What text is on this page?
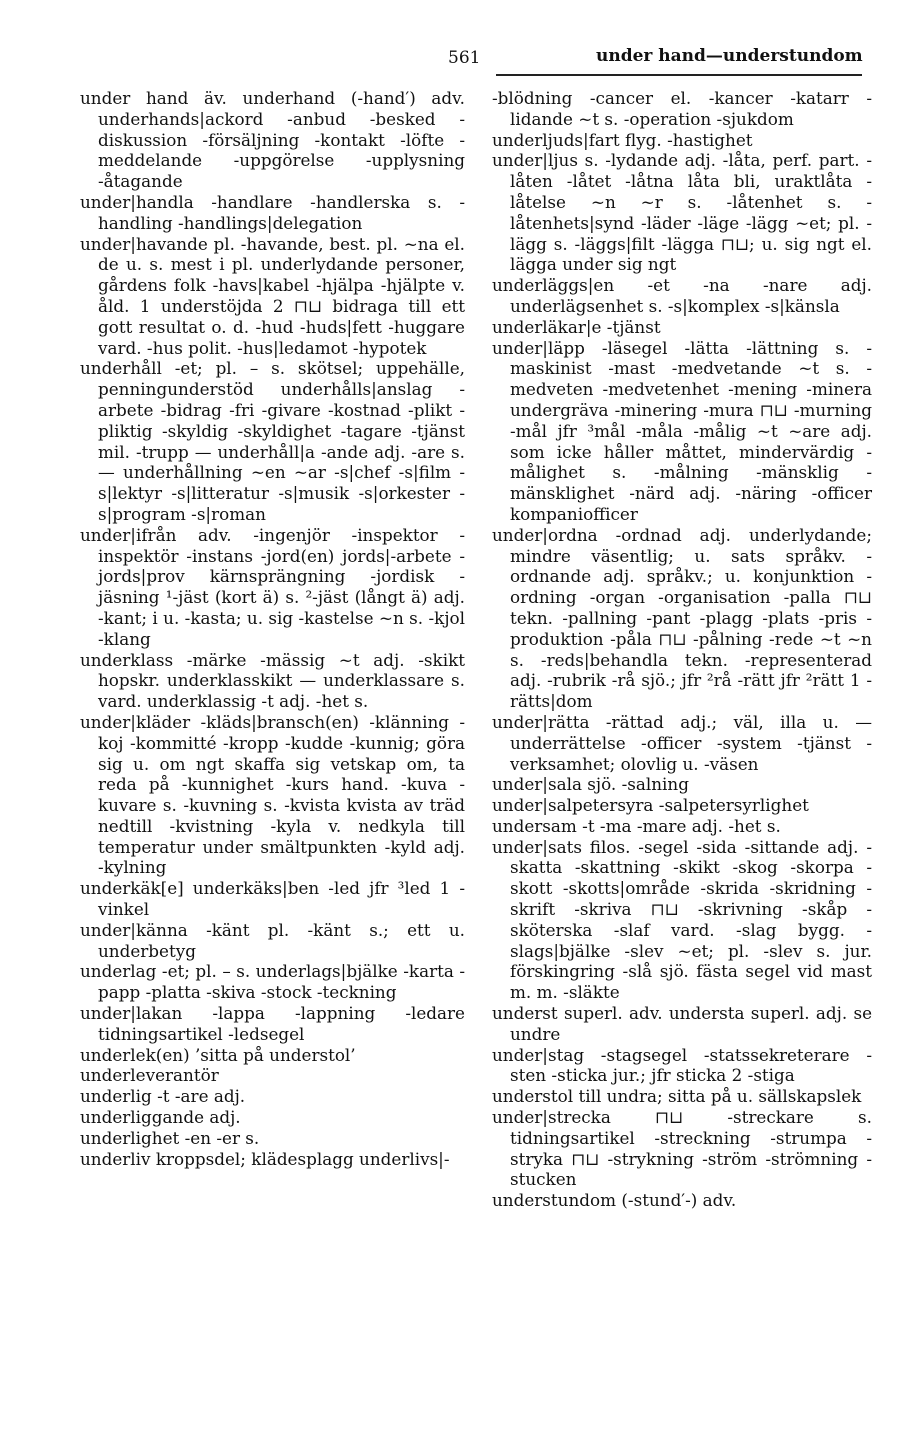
561	under hand—understundom

under hand äv. underhand (-hand′) adv. underhands|ackord -anbud -besked -diskussion -försäljning -kontakt -löfte -meddelande -uppgörelse -upplysning -åtagande

under|handla -handlare -handlerska s. -handling -handlings|delegation

under|havande pl. -havande, best. pl. ~na el. de u. s. mest i pl. underlydande personer, gårdens folk -havs|kabel -hjälpa -hjälpte v. åld. 1 understöjda 2 ⊓⊔ bidraga till ett gott resultat o. d. -hud -huds|fett -huggare vard. -hus polit. -hus|ledamot -hypotek

underhåll -et; pl. – s. skötsel; uppehälle, penningunderstöd underhålls|anslag -arbete -bidrag -fri -givare -kostnad -plikt -pliktig -skyldig -skyldighet -tagare -tjänst mil. -trupp — underhåll|a -ande adj. -are s. — underhållning ~en ~ar -s|chef -s|film -s|lektyr -s|litteratur -s|musik -s|orkester -s|program -s|roman

under|ifrån adv. -ingenjör -inspektor -inspektör -instans -jord(en) jords|-arbete -jords|prov kärnsprängning -jordisk -jäsning ¹-jäst (kort ä) s. ²-jäst (långt ä) adj. -kant; i u. -kasta; u. sig -kastelse ~n s. -kjol -klang

underklass -märke -mässig ~t adj. -skikt hopskr. underklasskikt — underklassare s. vard. underklassig -t adj. -het s.

under|kläder -kläds|bransch(en) -klänning -koj -kommitté -kropp -kudde -kunnig; göra sig u. om ngt skaffa sig vetskap om, ta reda på -kunnighet -kurs hand. -kuva -kuvare s. -kuvning s. -kvista kvista av träd nedtill -kvistning -kyla v. nedkyla till temperatur under smältpunkten -kyld adj. -kylning

underkäk[e] underkäks|ben -led jfr ³led 1 -vinkel

under|känna -känt pl. -känt s.; ett u. underbetyg

underlag -et; pl. – s. underlags|bjälke -karta -papp -platta -skiva -stock -teckning

under|lakan -lappa -lappning -ledare tidningsartikel -ledsegel

underlek(en) ’sitta på understol’

underleverantör

underlig -t -are adj.

underliggande adj.

underlighet -en -er s.

underliv kroppsdel; klädesplagg underlivs|-

-blödning -cancer el. -kancer -katarr -lidande ~t s. -operation -sjukdom

underljuds|fart flyg. -hastighet

under|ljus s. -lydande adj. -låta, perf. part. -låten -låtet -låtna låta bli, uraktlåta -låtelse ~n ~r s. -låtenhet s. -låtenhets|synd -läder -läge -lägg ~et; pl. -lägg s. -läggs|filt -lägga ⊓⊔; u. sig ngt el. lägga under sig ngt

underläggs|en -et -na -nare adj. underlägsenhet s. -s|komplex -s|känsla

underläkar|e -tjänst

under|läpp -läsegel -lätta -lättning s. -maskinist -mast -medvetande ~t s. -medveten -medvetenhet -mening -minera undergräva -minering -mura ⊓⊔ -murning -mål jfr ³mål -måla -målig ~t ~are adj. som icke håller måttet, mindervärdig -målighet s. -målning -mänsklig -mänsklighet -närd adj. -näring -officer kompaniofficer

under|ordna -ordnad adj. underlydande; mindre väsentlig; u. sats språkv. -ordnande adj. språkv.; u. konjunktion -ordning -organ -organisation -palla ⊓⊔ tekn. -pallning -pant -plagg -plats -pris -produktion -påla ⊓⊔ -pålning -rede ~t ~n s. -reds|behandla tekn. -representerad adj. -rubrik -rå sjö.; jfr ²rå -rätt jfr ²rätt 1 -rätts|dom

under|rätta -rättad adj.; väl, illa u. — underrättelse -officer -system -tjänst -verksamhet; olovlig u. -väsen

under|sala sjö. -salning

under|salpetersyra -salpetersyrlighet

undersam -t -ma -mare adj. -het s.

under|sats filos. -segel -sida -sittande adj. -skatta -skattning -skikt -skog -skorpa -skott -skotts|område -skrida -skridning -skrift -skriva ⊓⊔ -skrivning -skåp -sköterska -slaf vard. -slag bygg. -slags|bjälke -slev ~et; pl. -slev s. jur. förskingring -slå sjö. fästa segel vid mast m. m. -släkte

underst superl. adv. understa superl. adj. se undre

under|stag -stagsegel -statssekreterare -sten -sticka jur.; jfr sticka 2 -stiga

understol till undra; sitta på u. sällskapslek

under|strecka ⊓⊔ -streckare s. tidningsartikel -streckning -strumpa -stryka ⊓⊔ -strykning -ström -strömning -stucken

understundom (-stund′-) adv.
